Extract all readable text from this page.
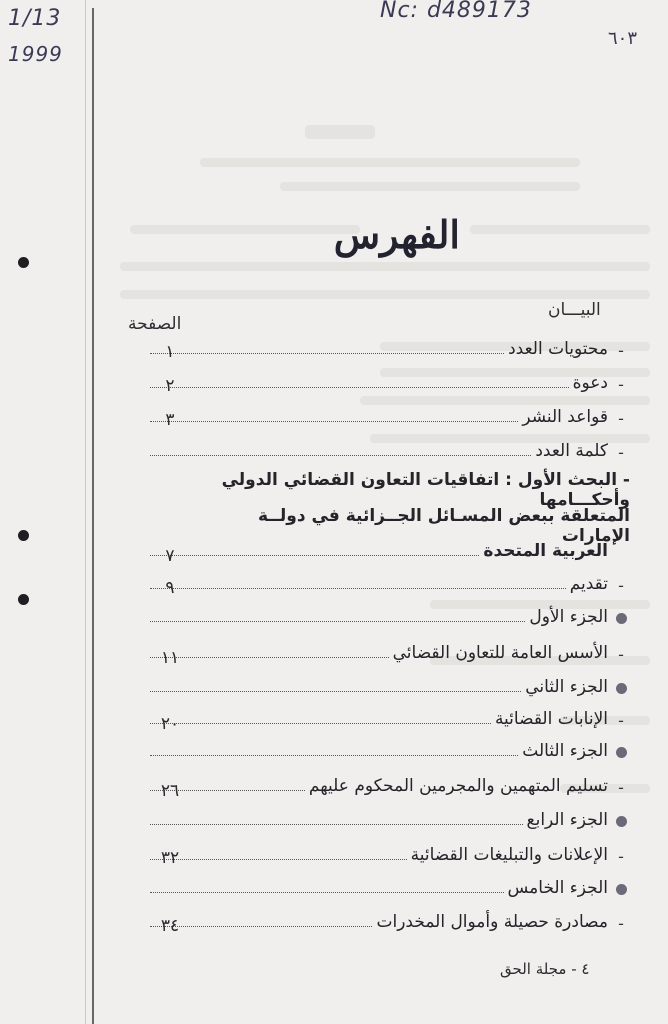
1/13
1999
Nc: d489173
٦٠٣
الفهرس
البيـــان
الصفحة
-
محتويات العدد
١
-
دعوة
٢
-
قواعد النشر
٣
-
كلمة العدد
- البحث الأول : اتفاقيات التعاون القضائي الدولي وأحكـــامها
المتعلقة ببعض المسـائل الجــزائية في دولــة الإمارات
العربية المتحدة
٧
-
تقديم
٩
الجزء الأول
-
الأسس العامة للتعاون القضائي
١١
الجزء الثاني
-
الإنابات القضائية
٢٠
الجزء الثالث
-
تسليم المتهمين والمجرمين المحكوم عليهم
٢٦
الجزء الرابع
-
الإعلانات والتبليغات القضائية
٣٢
الجزء الخامس
-
مصادرة حصيلة وأموال المخدرات
٣٤
٤ - مجلة الحق
